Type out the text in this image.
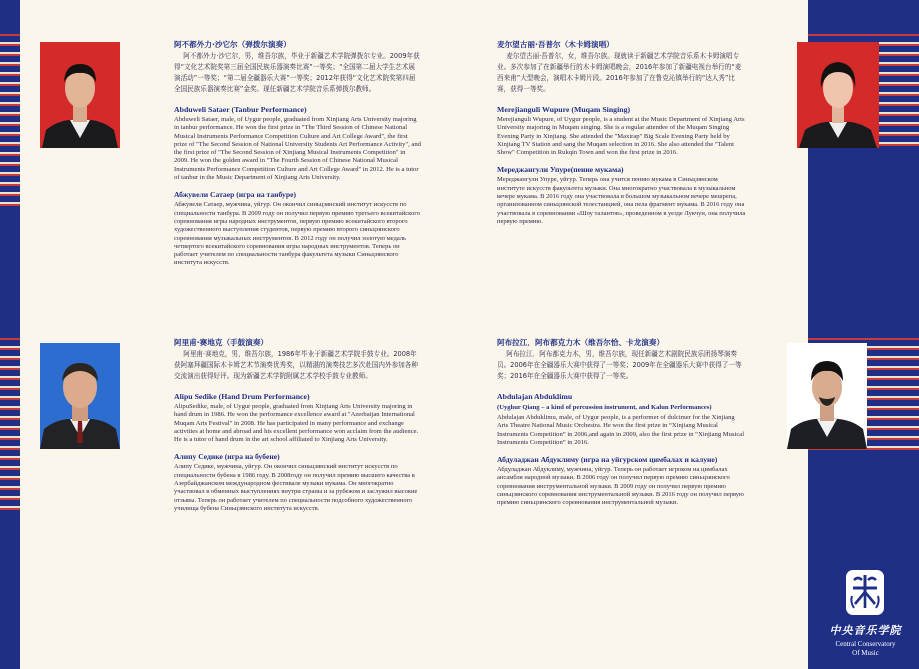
阿不都外力·沙它尔（弹拨尔演奏）

阿不都外力·沙它尔，男，维吾尔族，毕业于新疆艺术学院弹拨尔专业。2009年获得“文化艺术院奖第三届全国民族乐器演奏比赛”一等奖；“全国第二届大学生艺术展演活动”一等奖；“第二届全疆器乐大赛”一等奖；2012年获得“文化艺术院奖第四届全国民族乐器演奏比赛”金奖。现任新疆艺术学院音乐系弹拨尔教师。

Abduweli Sataer (Tanbur Performance)

Abduweli Sataer, male, of Uygur people, graduated from Xinjiang Arts University majoring in tanbur performance. He won the first prize in "The Third Session of Chinese National Musical Instruments Performance Competition Culture and Art College Award", the first prize of "The Second Session of National University Students Art Performance Activity", and the first prize of "The Second Session of Xinjiang Musical Instruments Competition" in 2009. He won the golden award in "The Fourth Session of Chinese National Musical Instruments Performance Competition Culture and Art College Award" in 2012. He is a tutor of tanbur in the Music Department of Xinjiang Arts University.

Абжувели Сатаер (игра на танбуре)

Абжувели Сатаер, мужчина, уйгур. Он окончил синьцзянский институт искусств по специальности танбура. В 2009 году он получил первую премию третьего всекитайского соревнования игры народных инструментов, первую премию всекитайского второго художественного выступления студентов, первую премию второго синьцзянского соревнования музыкальных инструментов. В 2012 году он получил золотую медаль четвертого всекитайского соревнования игры народных инструментов. Теперь он работает учителем по специальности танбура факультета музыки Синьцзянского института искусств.

麦尔望古丽·吾普尔（木卡姆演唱）

麦尔望古丽·吾普尔，女，维吾尔族。现就读于新疆艺术学院音乐系木卡姆演唱专业。多次参加了在新疆举行的木卡姆演唱晚会，2016年参加了新疆电视台举行的“麦西来甫”大型晚会，演唱木卡姆片段。2016年参加了在鲁克沁镇举行的“达人秀”比赛，获得一等奖。

Merejianguli Wupure (Muqam Singing)

Merejianguli Wupure, of Uygur people, is a student at the Music Department of Xinjiang Arts University majoring in Muqam singing. She is a regular attendee of the Muqam Singing Evening Party in Xinjiang. She attended the "Maxirap" Big Scale Evening Party held by Xinjiang TV Station and sang the Muqam selection in 2016. She also attended the "Talent Show" Competition in Rukqin Town and won the first prize in 2016.

Мереджангули Упуре(пение мукама)

Мереджангули Упуре, уйгур. Теперь она учится пению мукама в Синьцзянском институте искусств факультета музыки. Она многократно участвовала в музыкальном вечере мукама. В 2016 году она участвовала в большом музыкальном вечере мешрепа, организованном синьцзянской телестанцией, она пела фрагмент мукама. В 2016 году она участвовала в соревновании «Шоу талантов», проведенном в уезде Лукчун, она получила первую премию.

阿里甫·赛地克（手鼓演奏）

阿里甫·赛地克，男，维吾尔族，1986年毕业于新疆艺术学院手鼓专业。2008年获阿塞拜疆国际木卡姆艺术节演奏优秀奖，以精湛的演奏技艺多次赴国内外参加各种交流演出获得好评。现为新疆艺术学院附属艺术学校手鼓专业教师。

Alipu Sedike (Hand Drum Performance)

AlipuSedike, male, of Uygur people, graduated from Xinjiang Arts University majoring in hand drum in 1986. He won the performance excellence award at "Azerbaijan International Muqam Arts Festival" in 2008. He has participated in many performance and exchange activities at home and abroad and his excellent performance won acclaim from the audience. He is a tutor of hand drum in the art school affiliated to Xinjiang Arts University.

Алипу Седике (игра на бубене)

Алипу Седике, мужчина, уйгур. Он окончил синьцзянский институт искусств по специальности бубена в 1986 году. В 2008году он получил премию высшего качества в Азербайджанском международном фестивале музыки мукама. Он многократно участвовал в обменных выступлениях внутри страны и за рубежом и заслужил высокие отзывы. Теперь он работает учителем по специальности подсобного художественного училища бубена Синьцзянского института искусств.

阿布拉江．阿布都克力木（维吾尔恰、卡龙演奏）

阿布拉江．阿布都克力木，男，维吾尔族，现任新疆艺术剧院民族乐团扬琴演奏员。2006年在全疆器乐大赛中获得了一等奖；2009年在全疆器乐大赛中获得了一等奖；2016年在全疆器乐大赛中获得了一等奖。

Abdulajan Abduklimu
(Uyghur Qiang – a kind of percussion instrument, and Kalun Performances)

Abdulajan Abduklimu, male, of Uygur people, is a performer of dulcimer for the Xinjiang Arts Theatre National Music Orchestra. He won the first prize in “Xinjiang Musical Instruments Competition” in 2006,and again in 2009, also the first prize in “Xinjiang Musical Instruments Competition” in 2016.

Абдуладжан Абдуклиму (игра на уйгурском цимбалах и калуне)

Абдуладжан Абдуклиму, мужчина, уйгур. Теперь он работает игроком на цимбалах ансамбля народной музыки. В 2006 году он получил первую премию синьцзянского соревнования инструментальной музыки. В 2009 году он получил первую премию синьцзянского соревнования инструментальной музыки. В 2016 году он получил первую премию синьцзянского соревнования инструментальной музыки.

中央音乐学院
Central Conservatory
Of Music
